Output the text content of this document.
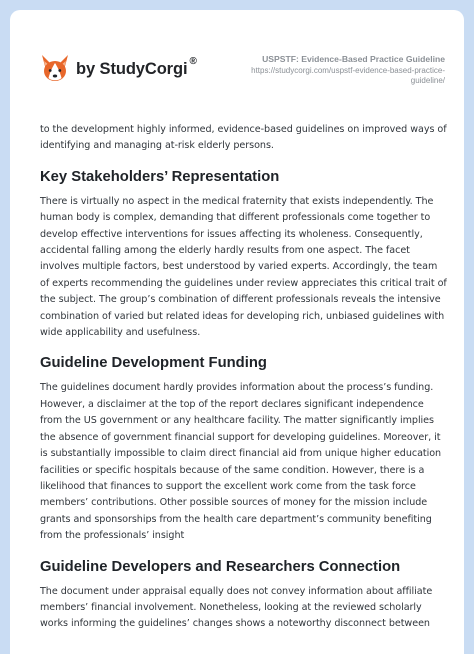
by StudyCorgi ®	USPSTF: Evidence-Based Practice Guideline
https://studycorgi.com/uspstf-evidence-based-practice-
guideline/

to the development highly informed, evidence-based guidelines on improved ways of identifying and managing at-risk elderly persons.

Key Stakeholders’ Representation

There is virtually no aspect in the medical fraternity that exists independently. The human body is complex, demanding that different professionals come together to develop effective interventions for issues affecting its wholeness. Consequently, accidental falling among the elderly hardly results from one aspect. The facet involves multiple factors, best understood by varied experts. Accordingly, the team of experts recommending the guidelines under review appreciates this critical trait of the subject. The group’s combination of different professionals reveals the intensive combination of varied but related ideas for developing rich, unbiased guidelines with wide applicability and usefulness.

Guideline Development Funding

The guidelines document hardly provides information about the process’s funding. However, a disclaimer at the top of the report declares significant independence from the US government or any healthcare facility. The matter significantly implies the absence of government financial support for developing guidelines. Moreover, it is substantially impossible to claim direct financial aid from unique higher education facilities or specific hospitals because of the same condition. However, there is a likelihood that finances to support the excellent work come from the task force members’ contributions. Other possible sources of money for the mission include grants and sponsorships from the health care department’s community benefiting from the professionals’ insight

Guideline Developers and Researchers Connection

The document under appraisal equally does not convey information about affiliate members’ financial involvement. Nonetheless, looking at the reviewed scholarly works informing the guidelines’ changes shows a noteworthy disconnect between
